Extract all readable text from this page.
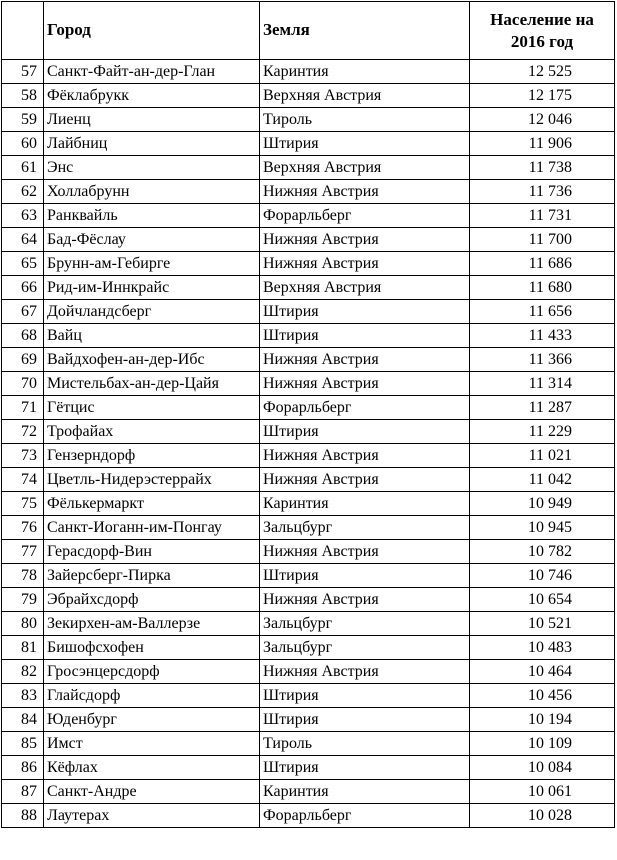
	Город	Земля	Население на 2016 год
57	Санкт-Файт-ан-дер-Глан	Каринтия	12 525
58	Фёклабрукк	Верхняя Австрия	12 175
59	Лиенц	Тироль	12 046
60	Лайбниц	Штирия	11 906
61	Энс	Верхняя Австрия	11 738
62	Холлабрунн	Нижняя Австрия	11 736
63	Ранквайль	Форарльберг	11 731
64	Бад-Фёслау	Нижняя Австрия	11 700
65	Брунн-ам-Гебирге	Нижняя Австрия	11 686
66	Рид-им-Иннкрайс	Верхняя Австрия	11 680
67	Дойчландсберг	Штирия	11 656
68	Вайц	Штирия	11 433
69	Вайдхофен-ан-дер-Ибс	Нижняя Австрия	11 366
70	Мистельбах-ан-дер-Цайя	Нижняя Австрия	11 314
71	Гётцис	Форарльберг	11 287
72	Трофайах	Штирия	11 229
73	Гензерндорф	Нижняя Австрия	11 021
74	Цветль-Нидерэстеррайх	Нижняя Австрия	11 042
75	Фёлькермаркт	Каринтия	10 949
76	Санкт-Иоганн-им-Понгау	Зальцбург	10 945
77	Герасдорф-Вин	Нижняя Австрия	10 782
78	Зайерсберг-Пирка	Штирия	10 746
79	Эбрайхсдорф	Нижняя Австрия	10 654
80	Зекирхен-ам-Валлерзе	Зальцбург	10 521
81	Бишофсхофен	Зальцбург	10 483
82	Гросэнцерсдорф	Нижняя Австрия	10 464
83	Глайсдорф	Штирия	10 456
84	Юденбург	Штирия	10 194
85	Имст	Тироль	10 109
86	Кёфлах	Штирия	10 084
87	Санкт-Андре	Каринтия	10 061
88	Лаутерах	Форарльберг	10 028
